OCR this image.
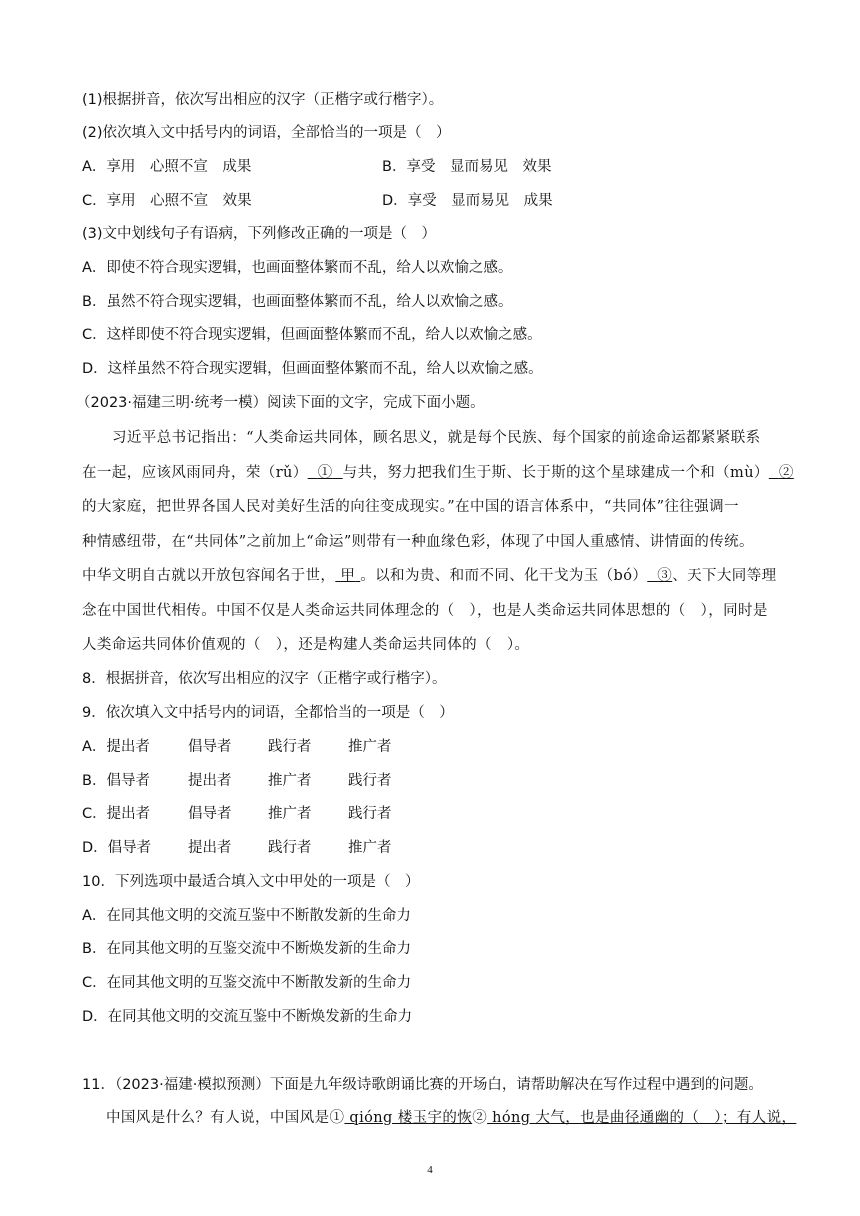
(1)根据拼音，依次写出相应的汉字（正楷字或行楷字）。
(2)依次填入文中括号内的词语，全部恰当的一项是（　）
A．享用　心照不宣　成果	B．享受　显而易见　效果
C．享用　心照不宣　效果	D．享受　显而易见　成果
(3)文中划线句子有语病，下列修改正确的一项是（　）
A．即使不符合现实逻辑，也画面整体繁而不乱，给人以欢愉之感。
B．虽然不符合现实逻辑，也画面整体繁而不乱，给人以欢愉之感。
C．这样即使不符合现实逻辑，但画面整体繁而不乱，给人以欢愉之感。
D．这样虽然不符合现实逻辑，但画面整体繁而不乱，给人以欢愉之感。
（2023·福建三明·统考一模）阅读下面的文字，完成下面小题。
习近平总书记指出：“人类命运共同体，顾名思义，就是每个民族、每个国家的前途命运都紧紧联系
在一起，应该风雨同舟，荣（rǔ） ① 与共，努力把我们生于斯、长于斯的这个星球建成一个和（mù） ②
的大家庭，把世界各国人民对美好生活的向往变成现实。”在中国的语言体系中，“共同体”往往强调一
种情感纽带，在“共同体”之前加上“命运”则带有一种血缘色彩，体现了中国人重感情、讲情面的传统。
中华文明自古就以开放包容闻名于世， 甲 。以和为贵、和而不同、化干戈为玉（bó） ③、天下大同等理
念在中国世代相传。中国不仅是人类命运共同体理念的（　），也是人类命运共同体思想的（　），同时是
人类命运共同体价值观的（　），还是构建人类命运共同体的（　）。
8．根据拼音，依次写出相应的汉字（正楷字或行楷字）。
9．依次填入文中括号内的词语，全都恰当的一项是（　）
A．提出者	倡导者	践行者	推广者
B．倡导者	提出者	推广者	践行者
C．提出者	倡导者	推广者	践行者
D．倡导者	提出者	践行者	推广者
10．下列选项中最适合填入文中甲处的一项是（　）
A．在同其他文明的交流互鉴中不断散发新的生命力
B．在同其他文明的互鉴交流中不断焕发新的生命力
C．在同其他文明的互鉴交流中不断散发新的生命力
D．在同其他文明的交流互鉴中不断焕发新的生命力
11．（2023·福建·模拟预测）下面是九年级诗歌朗诵比赛的开场白，请帮助解决在写作过程中遇到的问题。
中国风是什么？有人说，中国风是① qióng 楼玉宇的恢② hóng 大气，也是曲径通幽的（　）；有人说，
4
